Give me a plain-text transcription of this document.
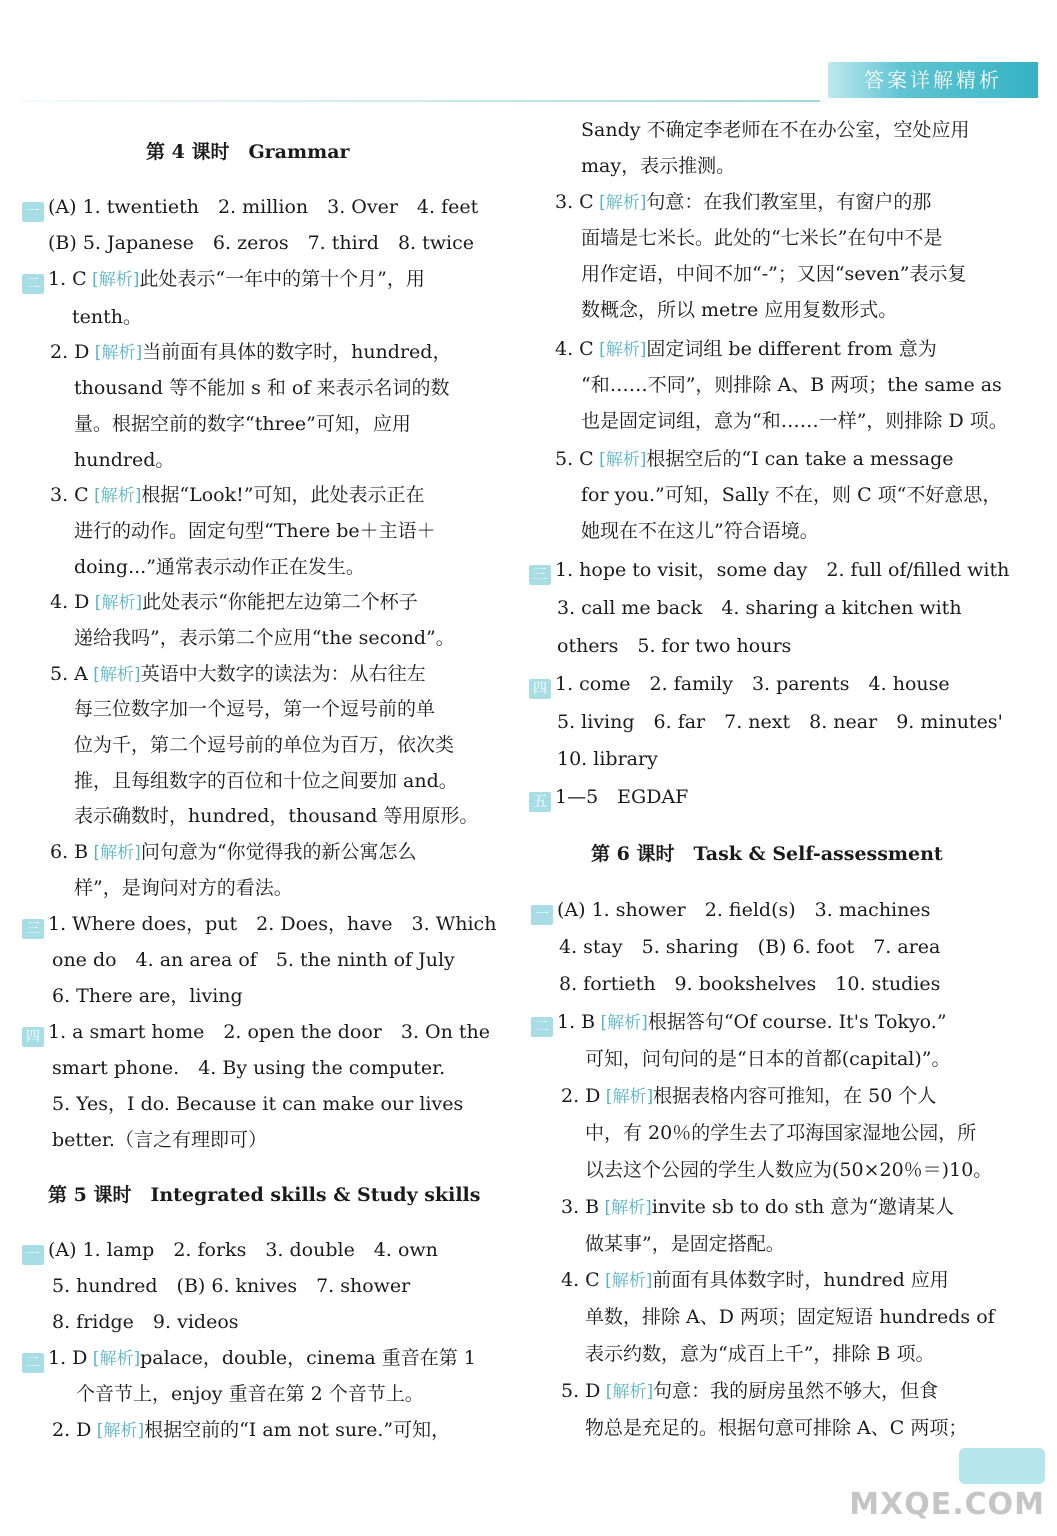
答案详解精析
第 4 课时　Grammar
一 (A) 1. twentieth　2. million　3. Over　4. feet
(B) 5. Japanese　6. zeros　7. third　8. twice
二 1. C [解析]此处表示“一年中的第十个月”，用
tenth。
2. D [解析]当前面有具体的数字时，hundred，
thousand 等不能加 s 和 of 来表示名词的数
量。根据空前的数字“three”可知，应用
hundred。
3. C [解析]根据“Look!”可知，此处表示正在
进行的动作。固定句型“There be＋主语＋
doing...”通常表示动作正在发生。
4. D [解析]此处表示“你能把左边第二个杯子
递给我吗”，表示第二个应用“the second”。
5. A [解析]英语中大数字的读法为：从右往左
每三位数字加一个逗号，第一个逗号前的单
位为千，第二个逗号前的单位为百万，依次类
推，且每组数字的百位和十位之间要加 and。
表示确数时，hundred，thousand 等用原形。
6. B [解析]问句意为“你觉得我的新公寓怎么
样”，是询问对方的看法。
三 1. Where does，put　2. Does，have　3. Which
one do　4. an area of　5. the ninth of July
6. There are，living
四 1. a smart home　2. open the door　3. On the
smart phone.　4. By using the computer.
5. Yes，I do. Because it can make our lives
better.（言之有理即可）
第 5 课时　Integrated skills & Study skills
一 (A) 1. lamp　2. forks　3. double　4. own
5. hundred　(B) 6. knives　7. shower
8. fridge　9. videos
二 1. D [解析]palace，double，cinema 重音在第 1
个音节上，enjoy 重音在第 2 个音节上。
2. D [解析]根据空前的“I am not sure.”可知，
Sandy 不确定李老师在不在办公室，空处应用
may，表示推测。
3. C [解析]句意：在我们教室里，有窗户的那
面墙是七米长。此处的“七米长”在句中不是
用作定语，中间不加“-”；又因“seven”表示复
数概念，所以 metre 应用复数形式。
4. C [解析]固定词组 be different from 意为
“和……不同”，则排除 A、B 两项；the same as
也是固定词组，意为“和……一样”，则排除 D 项。
5. C [解析]根据空后的“I can take a message
for you.”可知，Sally 不在，则 C 项“不好意思，
她现在不在这儿”符合语境。
三 1. hope to visit，some day　2. full of/filled with
3. call me back　4. sharing a kitchen with
others　5. for two hours
四 1. come　2. family　3. parents　4. house
5. living　6. far　7. next　8. near　9. minutes'
10. library
五 1—5　EGDAF
第 6 课时　Task & Self-assessment
一 (A) 1. shower　2. field(s)　3. machines
4. stay　5. sharing　(B) 6. foot　7. area
8. fortieth　9. bookshelves　10. studies
二 1. B [解析]根据答句“Of course. It's Tokyo.”
可知，问句问的是“日本的首都(capital)”。
2. D [解析]根据表格内容可推知，在 50 个人
中，有 20％的学生去了邛海国家湿地公园，所
以去这个公园的学生人数应为(50×20％＝)10。
3. B [解析]invite sb to do sth 意为“邀请某人
做某事”，是固定搭配。
4. C [解析]前面有具体数字时，hundred 应用
单数，排除 A、D 两项；固定短语 hundreds of
表示约数，意为“成百上千”，排除 B 项。
5. D [解析]句意：我的厨房虽然不够大，但食
物总是充足的。根据句意可排除 A、C 两项；
MXQE.COM
